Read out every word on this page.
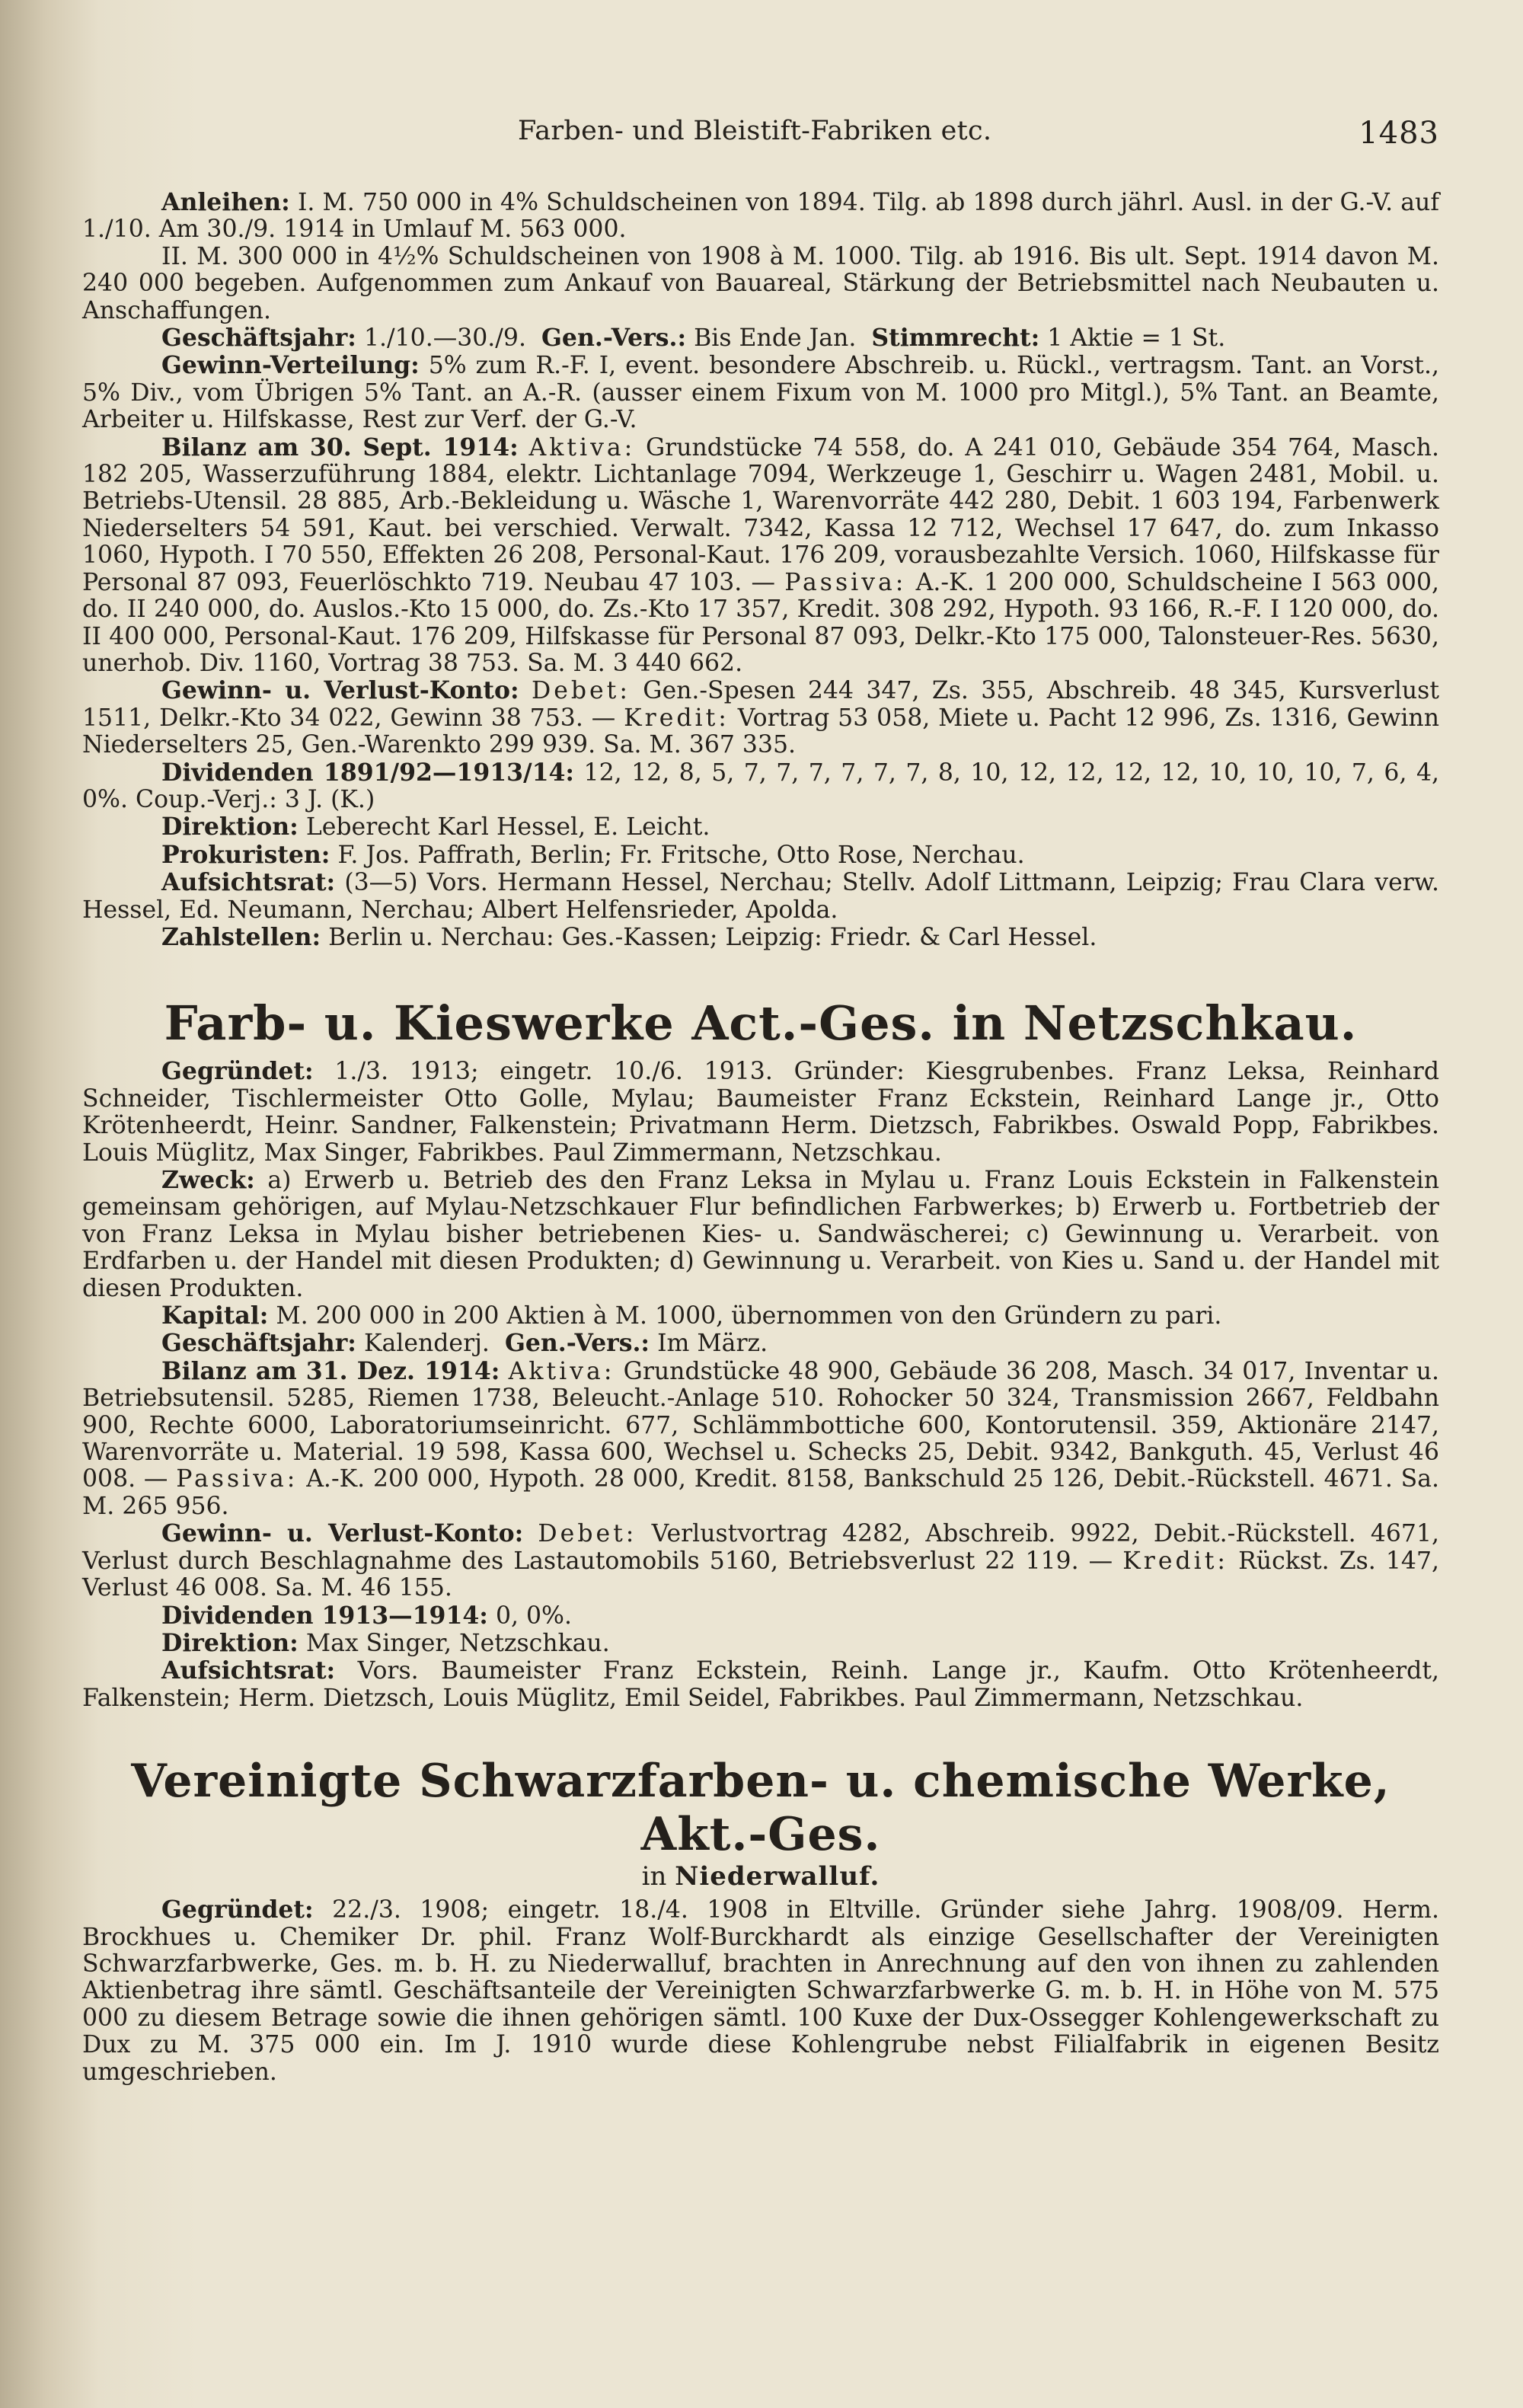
Farben- und Bleistift-Fabriken etc.	1483

Anleihen: I. M. 750 000 in 4% Schuldscheinen von 1894. Tilg. ab 1898 durch jährl. Ausl. in der G.-V. auf 1./10. Am 30./9. 1914 in Umlauf M. 563 000.

II. M. 300 000 in 4½% Schuldscheinen von 1908 à M. 1000. Tilg. ab 1916. Bis ult. Sept. 1914 davon M. 240 000 begeben. Aufgenommen zum Ankauf von Bauareal, Stärkung der Betriebsmittel nach Neubauten u. Anschaffungen.

Geschäftsjahr: 1./10.—30./9. Gen.-Vers.: Bis Ende Jan. Stimmrecht: 1 Aktie = 1 St.

Gewinn-Verteilung: 5% zum R.-F. I, event. besondere Abschreib. u. Rückl., vertragsm. Tant. an Vorst., 5% Div., vom Übrigen 5% Tant. an A.-R. (ausser einem Fixum von M. 1000 pro Mitgl.), 5% Tant. an Beamte, Arbeiter u. Hilfskasse, Rest zur Verf. der G.-V.

Bilanz am 30. Sept. 1914: Aktiva: Grundstücke 74 558, do. A 241 010, Gebäude 354 764, Masch. 182 205, Wasserzuführung 1884, elektr. Lichtanlage 7094, Werkzeuge 1, Geschirr u. Wagen 2481, Mobil. u. Betriebs-Utensil. 28 885, Arb.-Bekleidung u. Wäsche 1, Warenvorräte 442 280, Debit. 1 603 194, Farbenwerk Niederselters 54 591, Kaut. bei verschied. Verwalt. 7342, Kassa 12 712, Wechsel 17 647, do. zum Inkasso 1060, Hypoth. I 70 550, Effekten 26 208, Personal-Kaut. 176 209, vorausbezahlte Versich. 1060, Hilfskasse für Personal 87 093, Feuerlöschkto 719. Neubau 47 103. — Passiva: A.-K. 1 200 000, Schuldscheine I 563 000, do. II 240 000, do. Auslos.-Kto 15 000, do. Zs.-Kto 17 357, Kredit. 308 292, Hypoth. 93 166, R.-F. I 120 000, do. II 400 000, Personal-Kaut. 176 209, Hilfskasse für Personal 87 093, Delkr.-Kto 175 000, Talonsteuer-Res. 5630, unerhob. Div. 1160, Vortrag 38 753. Sa. M. 3 440 662.

Gewinn- u. Verlust-Konto: Debet: Gen.-Spesen 244 347, Zs. 355, Abschreib. 48 345, Kursverlust 1511, Delkr.-Kto 34 022, Gewinn 38 753. — Kredit: Vortrag 53 058, Miete u. Pacht 12 996, Zs. 1316, Gewinn Niederselters 25, Gen.-Warenkto 299 939. Sa. M. 367 335.

Dividenden 1891/92—1913/14: 12, 12, 8, 5, 7, 7, 7, 7, 7, 7, 8, 10, 12, 12, 12, 12, 10, 10, 10, 7, 6, 4, 0%. Coup.-Verj.: 3 J. (K.)

Direktion: Leberecht Karl Hessel, E. Leicht.

Prokuristen: F. Jos. Paffrath, Berlin; Fr. Fritsche, Otto Rose, Nerchau.

Aufsichtsrat: (3—5) Vors. Hermann Hessel, Nerchau; Stellv. Adolf Littmann, Leipzig; Frau Clara verw. Hessel, Ed. Neumann, Nerchau; Albert Helfensrieder, Apolda.

Zahlstellen: Berlin u. Nerchau: Ges.-Kassen; Leipzig: Friedr. & Carl Hessel.

Farb- u. Kieswerke Act.-Ges. in Netzschkau.

Gegründet: 1./3. 1913; eingetr. 10./6. 1913. Gründer: Kiesgrubenbes. Franz Leksa, Reinhard Schneider, Tischlermeister Otto Golle, Mylau; Baumeister Franz Eckstein, Reinhard Lange jr., Otto Krötenheerdt, Heinr. Sandner, Falkenstein; Privatmann Herm. Dietzsch, Fabrikbes. Oswald Popp, Fabrikbes. Louis Müglitz, Max Singer, Fabrikbes. Paul Zimmermann, Netzschkau.

Zweck: a) Erwerb u. Betrieb des den Franz Leksa in Mylau u. Franz Louis Eckstein in Falkenstein gemeinsam gehörigen, auf Mylau-Netzschkauer Flur befindlichen Farbwerkes; b) Erwerb u. Fortbetrieb der von Franz Leksa in Mylau bisher betriebenen Kies- u. Sandwäscherei; c) Gewinnung u. Verarbeit. von Erdfarben u. der Handel mit diesen Produkten; d) Gewinnung u. Verarbeit. von Kies u. Sand u. der Handel mit diesen Produkten.

Kapital: M. 200 000 in 200 Aktien à M. 1000, übernommen von den Gründern zu pari.

Geschäftsjahr: Kalenderj. Gen.-Vers.: Im März.

Bilanz am 31. Dez. 1914: Aktiva: Grundstücke 48 900, Gebäude 36 208, Masch. 34 017, Inventar u. Betriebsutensil. 5285, Riemen 1738, Beleucht.-Anlage 510. Rohocker 50 324, Transmission 2667, Feldbahn 900, Rechte 6000, Laboratoriumseinricht. 677, Schlämmbottiche 600, Kontorutensil. 359, Aktionäre 2147, Warenvorräte u. Material. 19 598, Kassa 600, Wechsel u. Schecks 25, Debit. 9342, Bankguth. 45, Verlust 46 008. — Passiva: A.-K. 200 000, Hypoth. 28 000, Kredit. 8158, Bankschuld 25 126, Debit.-Rückstell. 4671. Sa. M. 265 956.

Gewinn- u. Verlust-Konto: Debet: Verlustvortrag 4282, Abschreib. 9922, Debit.-Rückstell. 4671, Verlust durch Beschlagnahme des Lastautomobils 5160, Betriebsverlust 22 119. — Kredit: Rückst. Zs. 147, Verlust 46 008. Sa. M. 46 155.

Dividenden 1913—1914: 0, 0%.

Direktion: Max Singer, Netzschkau.

Aufsichtsrat: Vors. Baumeister Franz Eckstein, Reinh. Lange jr., Kaufm. Otto Krötenheerdt, Falkenstein; Herm. Dietzsch, Louis Müglitz, Emil Seidel, Fabrikbes. Paul Zimmermann, Netzschkau.

Vereinigte Schwarzfarben- u. chemische Werke, Akt.-Ges.

in Niederwalluf.

Gegründet: 22./3. 1908; eingetr. 18./4. 1908 in Eltville. Gründer siehe Jahrg. 1908/09. Herm. Brockhues u. Chemiker Dr. phil. Franz Wolf-Burckhardt als einzige Gesellschafter der Vereinigten Schwarzfarbwerke, Ges. m. b. H. zu Niederwalluf, brachten in Anrechnung auf den von ihnen zu zahlenden Aktienbetrag ihre sämtl. Geschäftsanteile der Vereinigten Schwarzfarbwerke G. m. b. H. in Höhe von M. 575 000 zu diesem Betrage sowie die ihnen gehörigen sämtl. 100 Kuxe der Dux-Ossegger Kohlengewerkschaft zu Dux zu M. 375 000 ein. Im J. 1910 wurde diese Kohlengrube nebst Filialfabrik in eigenen Besitz umgeschrieben.
